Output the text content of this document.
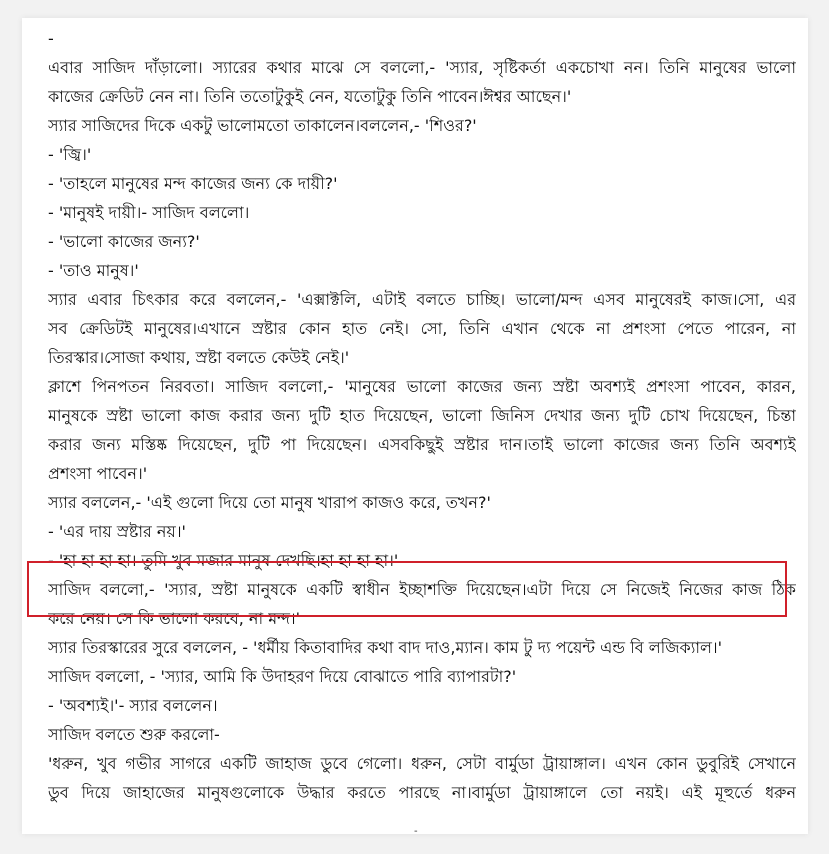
-
এবার সাজিদ দাঁড়ালো। স্যারের কথার মাঝে সে বললো,- 'স্যার, সৃষ্টিকর্তা একচোখা নন। তিনি মানুষের ভালো
কাজের ক্রেডিট নেন না। তিনি ততোটুকুই নেন, যতোটুকু তিনি পাবেন।ঈশ্বর আছেন।'
স্যার সাজিদের দিকে একটু ভালোমতো তাকালেন।বললেন,- 'শিওর?'
- 'জ্বি।'
- 'তাহলে মানুষের মন্দ কাজের জন্য কে দায়ী?'
- 'মানুষই দায়ী।- সাজিদ বললো।
- 'ভালো কাজের জন্য?'
- 'তাও মানুষ।'
স্যার এবার চিৎকার করে বললেন,- 'এক্সাক্টলি, এটাই বলতে চাচ্ছি। ভালো/মন্দ এসব মানুষেরই কাজ।সো, এর
সব ক্রেডিটই মানুষের।এখানে স্রষ্টার কোন হাত নেই। সো, তিনি এখান থেকে না প্রশংসা পেতে পারেন, না
তিরস্কার।সোজা কথায়, স্রষ্টা বলতে কেউই নেই।'
ক্লাশে পিনপতন নিরবতা। সাজিদ বললো,- 'মানুষের ভালো কাজের জন্য স্রষ্টা অবশ্যই প্রশংসা পাবেন, কারন,
মানুষকে স্রষ্টা ভালো কাজ করার জন্য দুটি হাত দিয়েছেন, ভালো জিনিস দেখার জন্য দুটি চোখ দিয়েছেন, চিন্তা
করার জন্য মস্তিষ্ক দিয়েছেন, দুটি পা দিয়েছেন। এসবকিছুই স্রষ্টার দান।তাই ভালো কাজের জন্য তিনি অবশ্যই
প্রশংসা পাবেন।'
স্যার বললেন,- 'এই গুলো দিয়ে তো মানুষ খারাপ কাজও করে, তখন?'
- 'এর দায় স্রষ্টার নয়।'
- 'হা হা হা হা। তুমি খুব মজার মানুষ দেখছি।হা হা হা হা।'
সাজিদ বললো,- 'স্যার, স্রষ্টা মানুষকে একটি স্বাধীন ইচ্ছাশক্তি দিয়েছেন।এটা দিয়ে সে নিজেই নিজের কাজ ঠিক
করে নেয়। সে কি ভালো করবে, না মন্দ।'
স্যার তিরস্কারের সুরে বললেন, - 'ধর্মীয় কিতাবাদির কথা বাদ দাও,ম্যান। কাম টু দ্য পয়েন্ট এন্ড বি লজিক্যাল।'
সাজিদ বললো, - 'স্যার, আমি কি উদাহরণ দিয়ে বোঝাতে পারি ব্যাপারটা?'
- 'অবশ্যই।'- স্যার বললেন।
সাজিদ বলতে শুরু করলো-
'ধরুন, খুব গভীর সাগরে একটি জাহাজ ডুবে গেলো। ধরুন, সেটা বার্মুডা ট্রায়াঙ্গাল। এখন কোন ডুবুরিই সেখানে
ডুব দিয়ে জাহাজের মানুষগুলোকে উদ্ধার করতে পারছে না।বার্মুডা ট্রায়াঙ্গালে তো নয়ই। এই মূহুর্তে ধরুন
-
